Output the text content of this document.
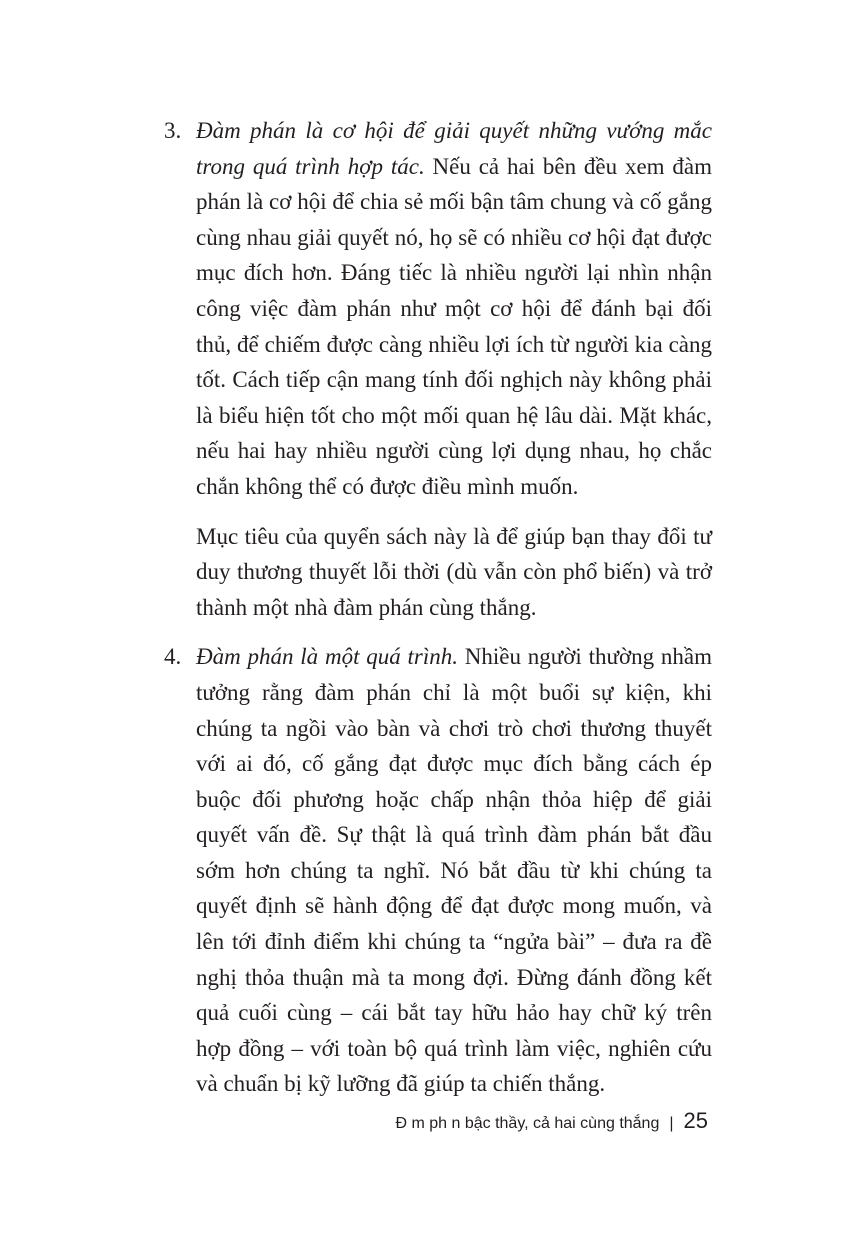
3. Đàm phán là cơ hội để giải quyết những vướng mắc trong quá trình hợp tác. Nếu cả hai bên đều xem đàm phán là cơ hội để chia sẻ mối bận tâm chung và cố gắng cùng nhau giải quyết nó, họ sẽ có nhiều cơ hội đạt được mục đích hơn. Đáng tiếc là nhiều người lại nhìn nhận công việc đàm phán như một cơ hội để đánh bại đối thủ, để chiếm được càng nhiều lợi ích từ người kia càng tốt. Cách tiếp cận mang tính đối nghịch này không phải là biểu hiện tốt cho một mối quan hệ lâu dài. Mặt khác, nếu hai hay nhiều người cùng lợi dụng nhau, họ chắc chắn không thể có được điều mình muốn.

Mục tiêu của quyển sách này là để giúp bạn thay đổi tư duy thương thuyết lỗi thời (dù vẫn còn phổ biến) và trở thành một nhà đàm phán cùng thắng.

4. Đàm phán là một quá trình. Nhiều người thường nhầm tưởng rằng đàm phán chỉ là một buổi sự kiện, khi chúng ta ngồi vào bàn và chơi trò chơi thương thuyết với ai đó, cố gắng đạt được mục đích bằng cách ép buộc đối phương hoặc chấp nhận thỏa hiệp để giải quyết vấn đề. Sự thật là quá trình đàm phán bắt đầu sớm hơn chúng ta nghĩ. Nó bắt đầu từ khi chúng ta quyết định sẽ hành động để đạt được mong muốn, và lên tới đỉnh điểm khi chúng ta “ngửa bài” – đưa ra đề nghị thỏa thuận mà ta mong đợi. Đừng đánh đồng kết quả cuối cùng – cái bắt tay hữu hảo hay chữ ký trên hợp đồng – với toàn bộ quá trình làm việc, nghiên cứu và chuẩn bị kỹ lưỡng đã giúp ta chiến thắng.

Đ m ph n bậc thầy, cả hai cùng thắng | 25
